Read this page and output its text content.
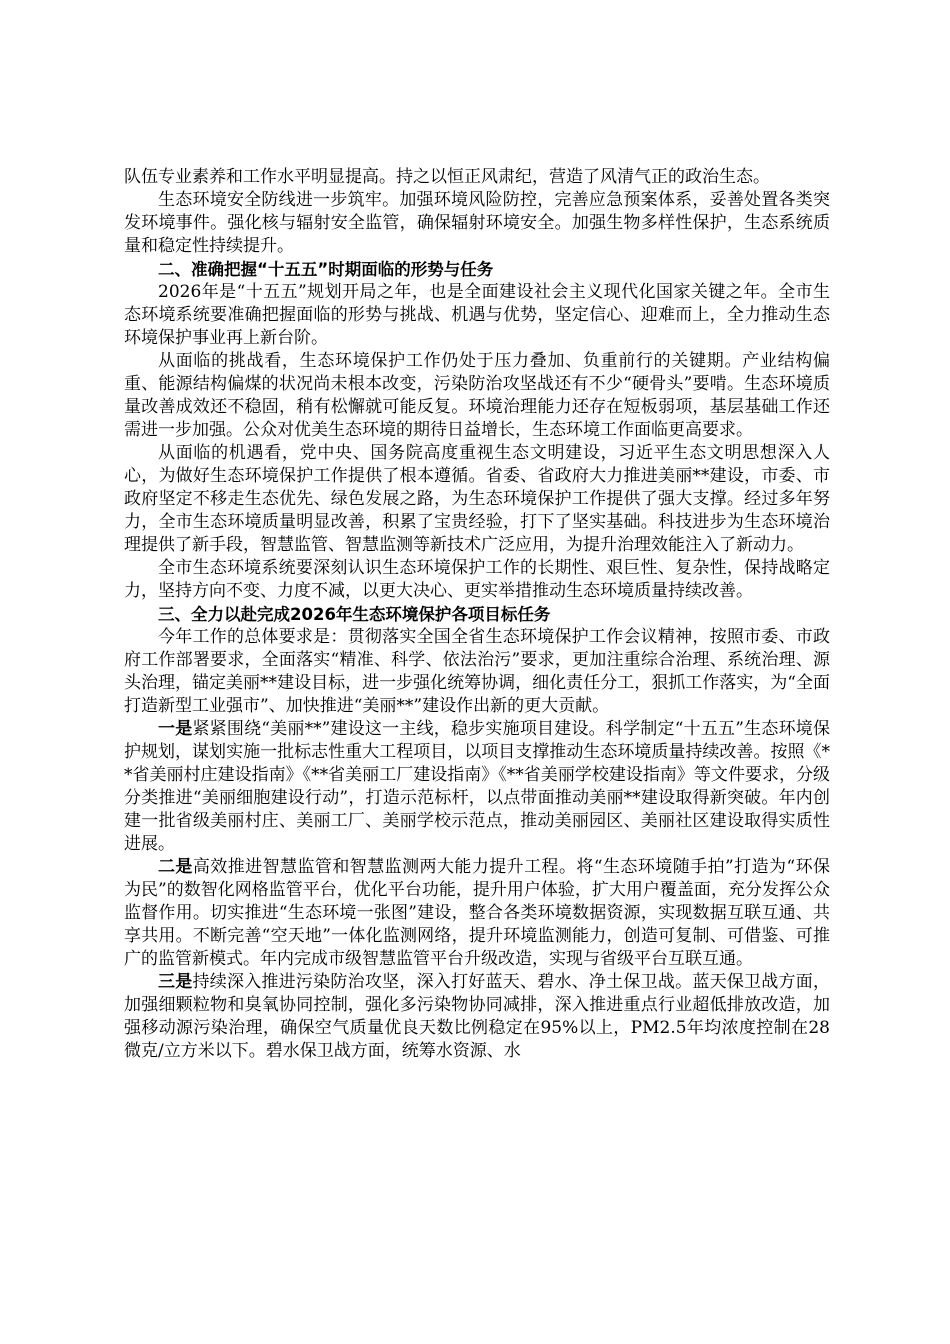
队伍专业素养和工作水平明显提高。持之以恒正风肃纪，营造了风清气正的政治生态。

生态环境安全防线进一步筑牢。加强环境风险防控，完善应急预案体系，妥善处置各类突发环境事件。强化核与辐射安全监管，确保辐射环境安全。加强生物多样性保护，生态系统质量和稳定性持续提升。

二、准确把握“十五五”时期面临的形势与任务

2026年是“十五五”规划开局之年，也是全面建设社会主义现代化国家关键之年。全市生态环境系统要准确把握面临的形势与挑战、机遇与优势，坚定信心、迎难而上，全力推动生态环境保护事业再上新台阶。

从面临的挑战看，生态环境保护工作仍处于压力叠加、负重前行的关键期。产业结构偏重、能源结构偏煤的状况尚未根本改变，污染防治攻坚战还有不少“硬骨头”要啃。生态环境质量改善成效还不稳固，稍有松懈就可能反复。环境治理能力还存在短板弱项，基层基础工作还需进一步加强。公众对优美生态环境的期待日益增长，生态环境工作面临更高要求。

从面临的机遇看，党中央、国务院高度重视生态文明建设，习近平生态文明思想深入人心，为做好生态环境保护工作提供了根本遵循。省委、省政府大力推进美丽**建设，市委、市政府坚定不移走生态优先、绿色发展之路，为生态环境保护工作提供了强大支撑。经过多年努力，全市生态环境质量明显改善，积累了宝贵经验，打下了坚实基础。科技进步为生态环境治理提供了新手段，智慧监管、智慧监测等新技术广泛应用，为提升治理效能注入了新动力。

全市生态环境系统要深刻认识生态环境保护工作的长期性、艰巨性、复杂性，保持战略定力，坚持方向不变、力度不减，以更大决心、更实举措推动生态环境质量持续改善。

三、全力以赴完成2026年生态环境保护各项目标任务

今年工作的总体要求是：贯彻落实全国全省生态环境保护工作会议精神，按照市委、市政府工作部署要求，全面落实“精准、科学、依法治污”要求，更加注重综合治理、系统治理、源头治理，锚定美丽**建设目标，进一步强化统筹协调，细化责任分工，狠抓工作落实，为“全面打造新型工业强市”、加快推进“美丽**”建设作出新的更大贡献。

一是紧紧围绕“美丽**”建设这一主线，稳步实施项目建设。科学制定“十五五”生态环境保护规划，谋划实施一批标志性重大工程项目，以项目支撑推动生态环境质量持续改善。按照《**省美丽村庄建设指南》《**省美丽工厂建设指南》《**省美丽学校建设指南》等文件要求，分级分类推进“美丽细胞建设行动”，打造示范标杆，以点带面推动美丽**建设取得新突破。年内创建一批省级美丽村庄、美丽工厂、美丽学校示范点，推动美丽园区、美丽社区建设取得实质性进展。

二是高效推进智慧监管和智慧监测两大能力提升工程。将“生态环境随手拍”打造为“环保为民”的数智化网格监管平台，优化平台功能，提升用户体验，扩大用户覆盖面，充分发挥公众监督作用。切实推进“生态环境一张图”建设，整合各类环境数据资源，实现数据互联互通、共享共用。不断完善“空天地”一体化监测网络，提升环境监测能力，创造可复制、可借鉴、可推广的监管新模式。年内完成市级智慧监管平台升级改造，实现与省级平台互联互通。

三是持续深入推进污染防治攻坚，深入打好蓝天、碧水、净土保卫战。蓝天保卫战方面，加强细颗粒物和臭氧协同控制，强化多污染物协同减排，深入推进重点行业超低排放改造，加强移动源污染治理，确保空气质量优良天数比例稳定在95%以上，PM2.5年均浓度控制在28微克/立方米以下。碧水保卫战方面，统筹水资源、水
